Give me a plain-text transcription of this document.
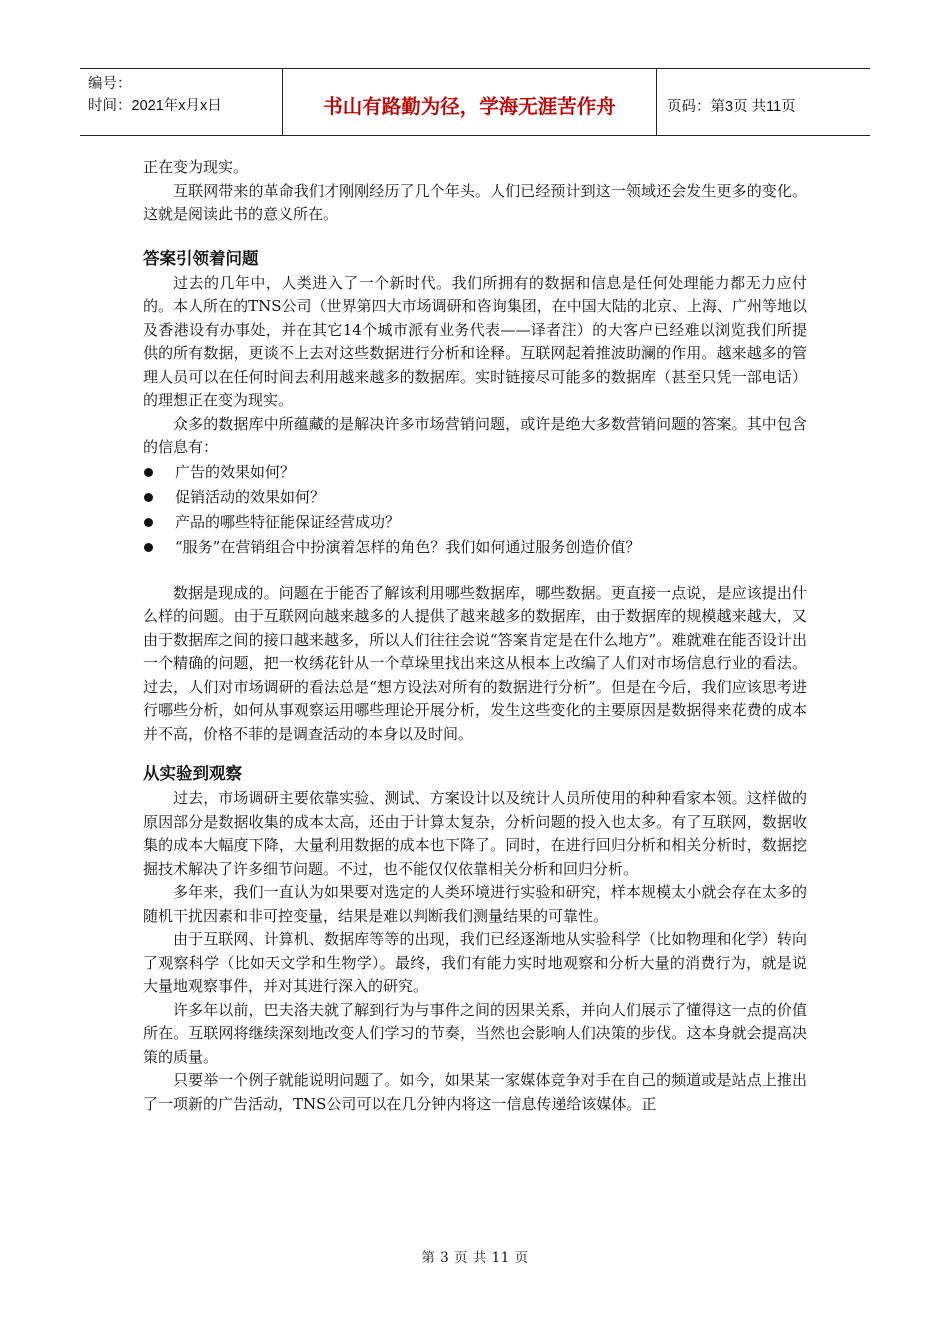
编号：
时间：2021年x月x日	书山有路勤为径，学海无涯苦作舟	页码：第3页 共11页

正在变为现实。

互联网带来的革命我们才刚刚经历了几个年头。人们已经预计到这一领域还会发生更多的变化。这就是阅读此书的意义所在。

答案引领着问题

过去的几年中，人类进入了一个新时代。我们所拥有的数据和信息是任何处理能力都无力应付的。本人所在的TNS公司（世界第四大市场调研和咨询集团，在中国大陆的北京、上海、广州等地以及香港设有办事处，并在其它14个城市派有业务代表——译者注）的大客户已经难以浏览我们所提供的所有数据，更谈不上去对这些数据进行分析和诠释。互联网起着推波助澜的作用。越来越多的管理人员可以在任何时间去利用越来越多的数据库。实时链接尽可能多的数据库（甚至只凭一部电话）的理想正在变为现实。

众多的数据库中所蕴藏的是解决许多市场营销问题，或许是绝大多数营销问题的答案。其中包含的信息有：

广告的效果如何？
促销活动的效果如何？
产品的哪些特征能保证经营成功？
“服务”在营销组合中扮演着怎样的角色？我们如何通过服务创造价值？

数据是现成的。问题在于能否了解该利用哪些数据库，哪些数据。更直接一点说，是应该提出什么样的问题。由于互联网向越来越多的人提供了越来越多的数据库，由于数据库的规模越来越大，又由于数据库之间的接口越来越多，所以人们往往会说“答案肯定是在什么地方”。难就难在能否设计出一个精确的问题，把一枚绣花针从一个草垛里找出来这从根本上改编了人们对市场信息行业的看法。过去，人们对市场调研的看法总是“想方设法对所有的数据进行分析”。但是在今后，我们应该思考进行哪些分析，如何从事观察运用哪些理论开展分析，发生这些变化的主要原因是数据得来花费的成本并不高，价格不菲的是调查活动的本身以及时间。

从实验到观察

过去，市场调研主要依靠实验、测试、方案设计以及统计人员所使用的种种看家本领。这样做的原因部分是数据收集的成本太高，还由于计算太复杂，分析问题的投入也太多。有了互联网，数据收集的成本大幅度下降，大量利用数据的成本也下降了。同时，在进行回归分析和相关分析时，数据挖掘技术解决了许多细节问题。不过，也不能仅仅依靠相关分析和回归分析。

多年来，我们一直认为如果要对选定的人类环境进行实验和研究，样本规模太小就会存在太多的随机干扰因素和非可控变量，结果是难以判断我们测量结果的可靠性。

由于互联网、计算机、数据库等等的出现，我们已经逐渐地从实验科学（比如物理和化学）转向了观察科学（比如天文学和生物学）。最终，我们有能力实时地观察和分析大量的消费行为，就是说大量地观察事件，并对其进行深入的研究。

许多年以前，巴夫洛夫就了解到行为与事件之间的因果关系，并向人们展示了懂得这一点的价值所在。互联网将继续深刻地改变人们学习的节奏，当然也会影响人们决策的步伐。这本身就会提高决策的质量。

只要举一个例子就能说明问题了。如今，如果某一家媒体竞争对手在自己的频道或是站点上推出了一项新的广告活动，TNS公司可以在几分钟内将这一信息传递给该媒体。正

第 3 页 共 11 页
